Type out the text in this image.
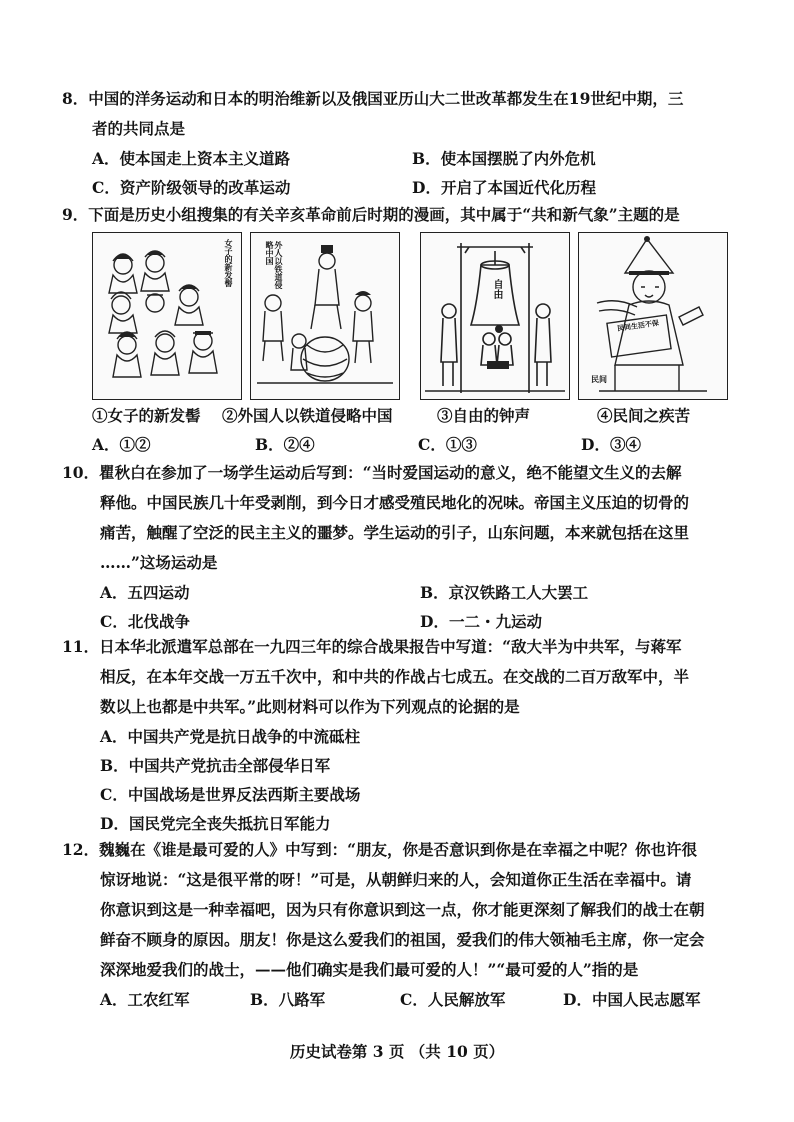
8．中国的洋务运动和日本的明治维新以及俄国亚历山大二世改革都发生在19世纪中期，三
者的共同点是

A．使本国走上资本主义道路	B．使本国摆脱了内外危机
C．资产阶级领导的改革运动	D．开启了本国近代化历程

9．下面是历史小组搜集的有关辛亥革命前后时期的漫画，其中属于“共和新气象”主题的是

女子的新发髻	外人以铁道侵略中国
自由
民间生活不保
民间
①女子的新发髻 ②外国人以铁道侵略中国	③自由的钟声	④民间之疾苦
A．①②	B．②④	C．①③	D．③④

10．瞿秋白在参加了一场学生运动后写到：“当时爱国运动的意义，绝不能望文生义的去解
释他。中国民族几十年受剥削，到今日才感受殖民地化的况味。帝国主义压迫的切骨的
痛苦，触醒了空泛的民主主义的噩梦。学生运动的引子，山东问题，本来就包括在这里
……”这场运动是

A．五四运动	B．京汉铁路工人大罢工
C．北伐战争	D．一二・九运动

11．日本华北派遣军总部在一九四三年的综合战果报告中写道：“敌大半为中共军，与蒋军
相反，在本年交战一万五千次中，和中共的作战占七成五。在交战的二百万敌军中，半
数以上也都是中共军。”此则材料可以作为下列观点的论据的是

A．中国共产党是抗日战争的中流砥柱
B．中国共产党抗击全部侵华日军
C．中国战场是世界反法西斯主要战场
D．国民党完全丧失抵抗日军能力

12．魏巍在《谁是最可爱的人》中写到：“朋友，你是否意识到你是在幸福之中呢？你也许很
惊讶地说：“这是很平常的呀！”可是，从朝鲜归来的人，会知道你正生活在幸福中。请
你意识到这是一种幸福吧，因为只有你意识到这一点，你才能更深刻了解我们的战士在朝
鲜奋不顾身的原因。朋友！你是这么爱我们的祖国，爱我们的伟大领袖毛主席，你一定会
深深地爱我们的战士，——他们确实是我们最可爱的人！”“最可爱的人”指的是

A．工农红军	B．八路军	C．人民解放军	D．中国人民志愿军
历史试卷第 3 页 （共 10 页）
